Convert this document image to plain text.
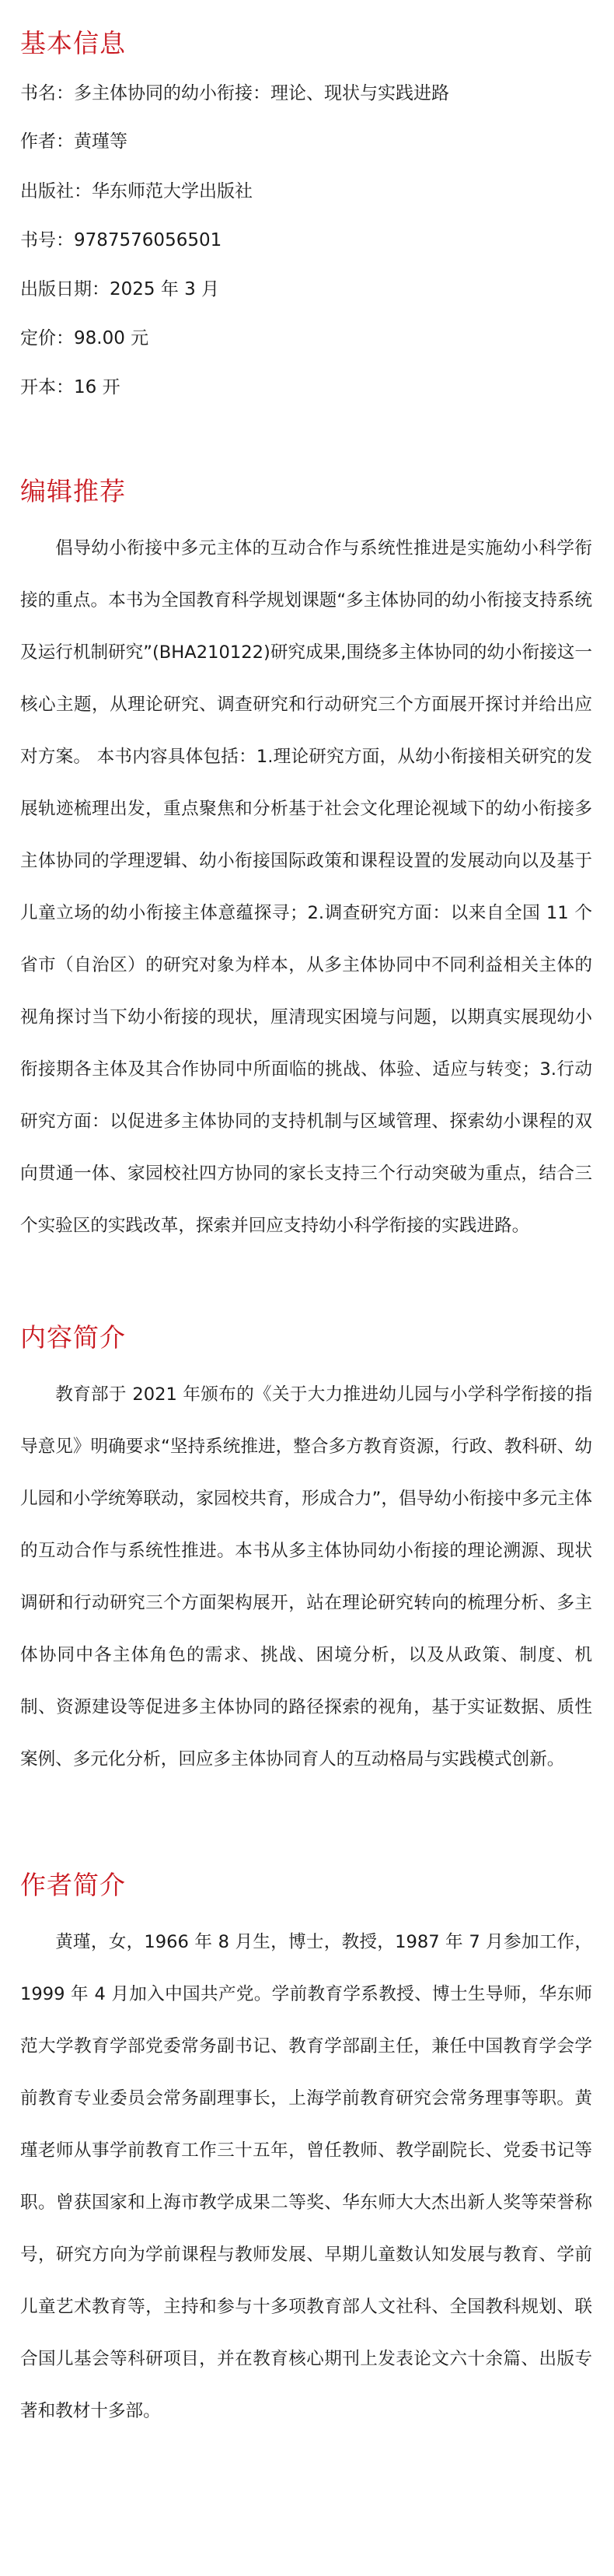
基本信息

书名：多主体协同的幼小衔接：理论、现状与实践进路

作者：黄瑾等

出版社：华东师范大学出版社

书号：9787576056501

出版日期：2025 年 3 月

定价：98.00 元

开本：16 开

编辑推荐

倡导幼小衔接中多元主体的互动合作与系统性推进是实施幼小科学衔接的重点。本书为全国教育科学规划课题“多主体协同的幼小衔接支持系统及运行机制研究”(BHA210122)研究成果,围绕多主体协同的幼小衔接这一核心主题，从理论研究、调查研究和行动研究三个方面展开探讨并给出应对方案。 本书内容具体包括：1.理论研究方面，从幼小衔接相关研究的发展轨迹梳理出发，重点聚焦和分析基于社会文化理论视域下的幼小衔接多主体协同的学理逻辑、幼小衔接国际政策和课程设置的发展动向以及基于儿童立场的幼小衔接主体意蕴探寻；2.调查研究方面：以来自全国 11 个省市（自治区）的研究对象为样本，从多主体协同中不同利益相关主体的视角探讨当下幼小衔接的现状，厘清现实困境与问题，以期真实展现幼小衔接期各主体及其合作协同中所面临的挑战、体验、适应与转变；3.行动研究方面：以促进多主体协同的支持机制与区域管理、探索幼小课程的双向贯通一体、家园校社四方协同的家长支持三个行动突破为重点，结合三个实验区的实践改革，探索并回应支持幼小科学衔接的实践进路。

内容简介

教育部于 2021 年颁布的《关于大力推进幼儿园与小学科学衔接的指导意见》明确要求“坚持系统推进，整合多方教育资源，行政、教科研、幼儿园和小学统筹联动，家园校共育，形成合力”，倡导幼小衔接中多元主体的互动合作与系统性推进。本书从多主体协同幼小衔接的理论溯源、现状调研和行动研究三个方面架构展开，站在理论研究转向的梳理分析、多主体协同中各主体角色的需求、挑战、困境分析，以及从政策、制度、机制、资源建设等促进多主体协同的路径探索的视角，基于实证数据、质性案例、多元化分析，回应多主体协同育人的互动格局与实践模式创新。

作者简介

黄瑾，女，1966 年 8 月生，博士，教授，1987 年 7 月参加工作，1999 年 4 月加入中国共产党。学前教育学系教授、博士生导师，华东师范大学教育学部党委常务副书记、教育学部副主任，兼任中国教育学会学前教育专业委员会常务副理事长，上海学前教育研究会常务理事等职。黄瑾老师从事学前教育工作三十五年，曾任教师、教学副院长、党委书记等职。曾获国家和上海市教学成果二等奖、华东师大大杰出新人奖等荣誉称号，研究方向为学前课程与教师发展、早期儿童数认知发展与教育、学前儿童艺术教育等，主持和参与十多项教育部人文社科、全国教科规划、联合国儿基会等科研项目，并在教育核心期刊上发表论文六十余篇、出版专著和教材十多部。
